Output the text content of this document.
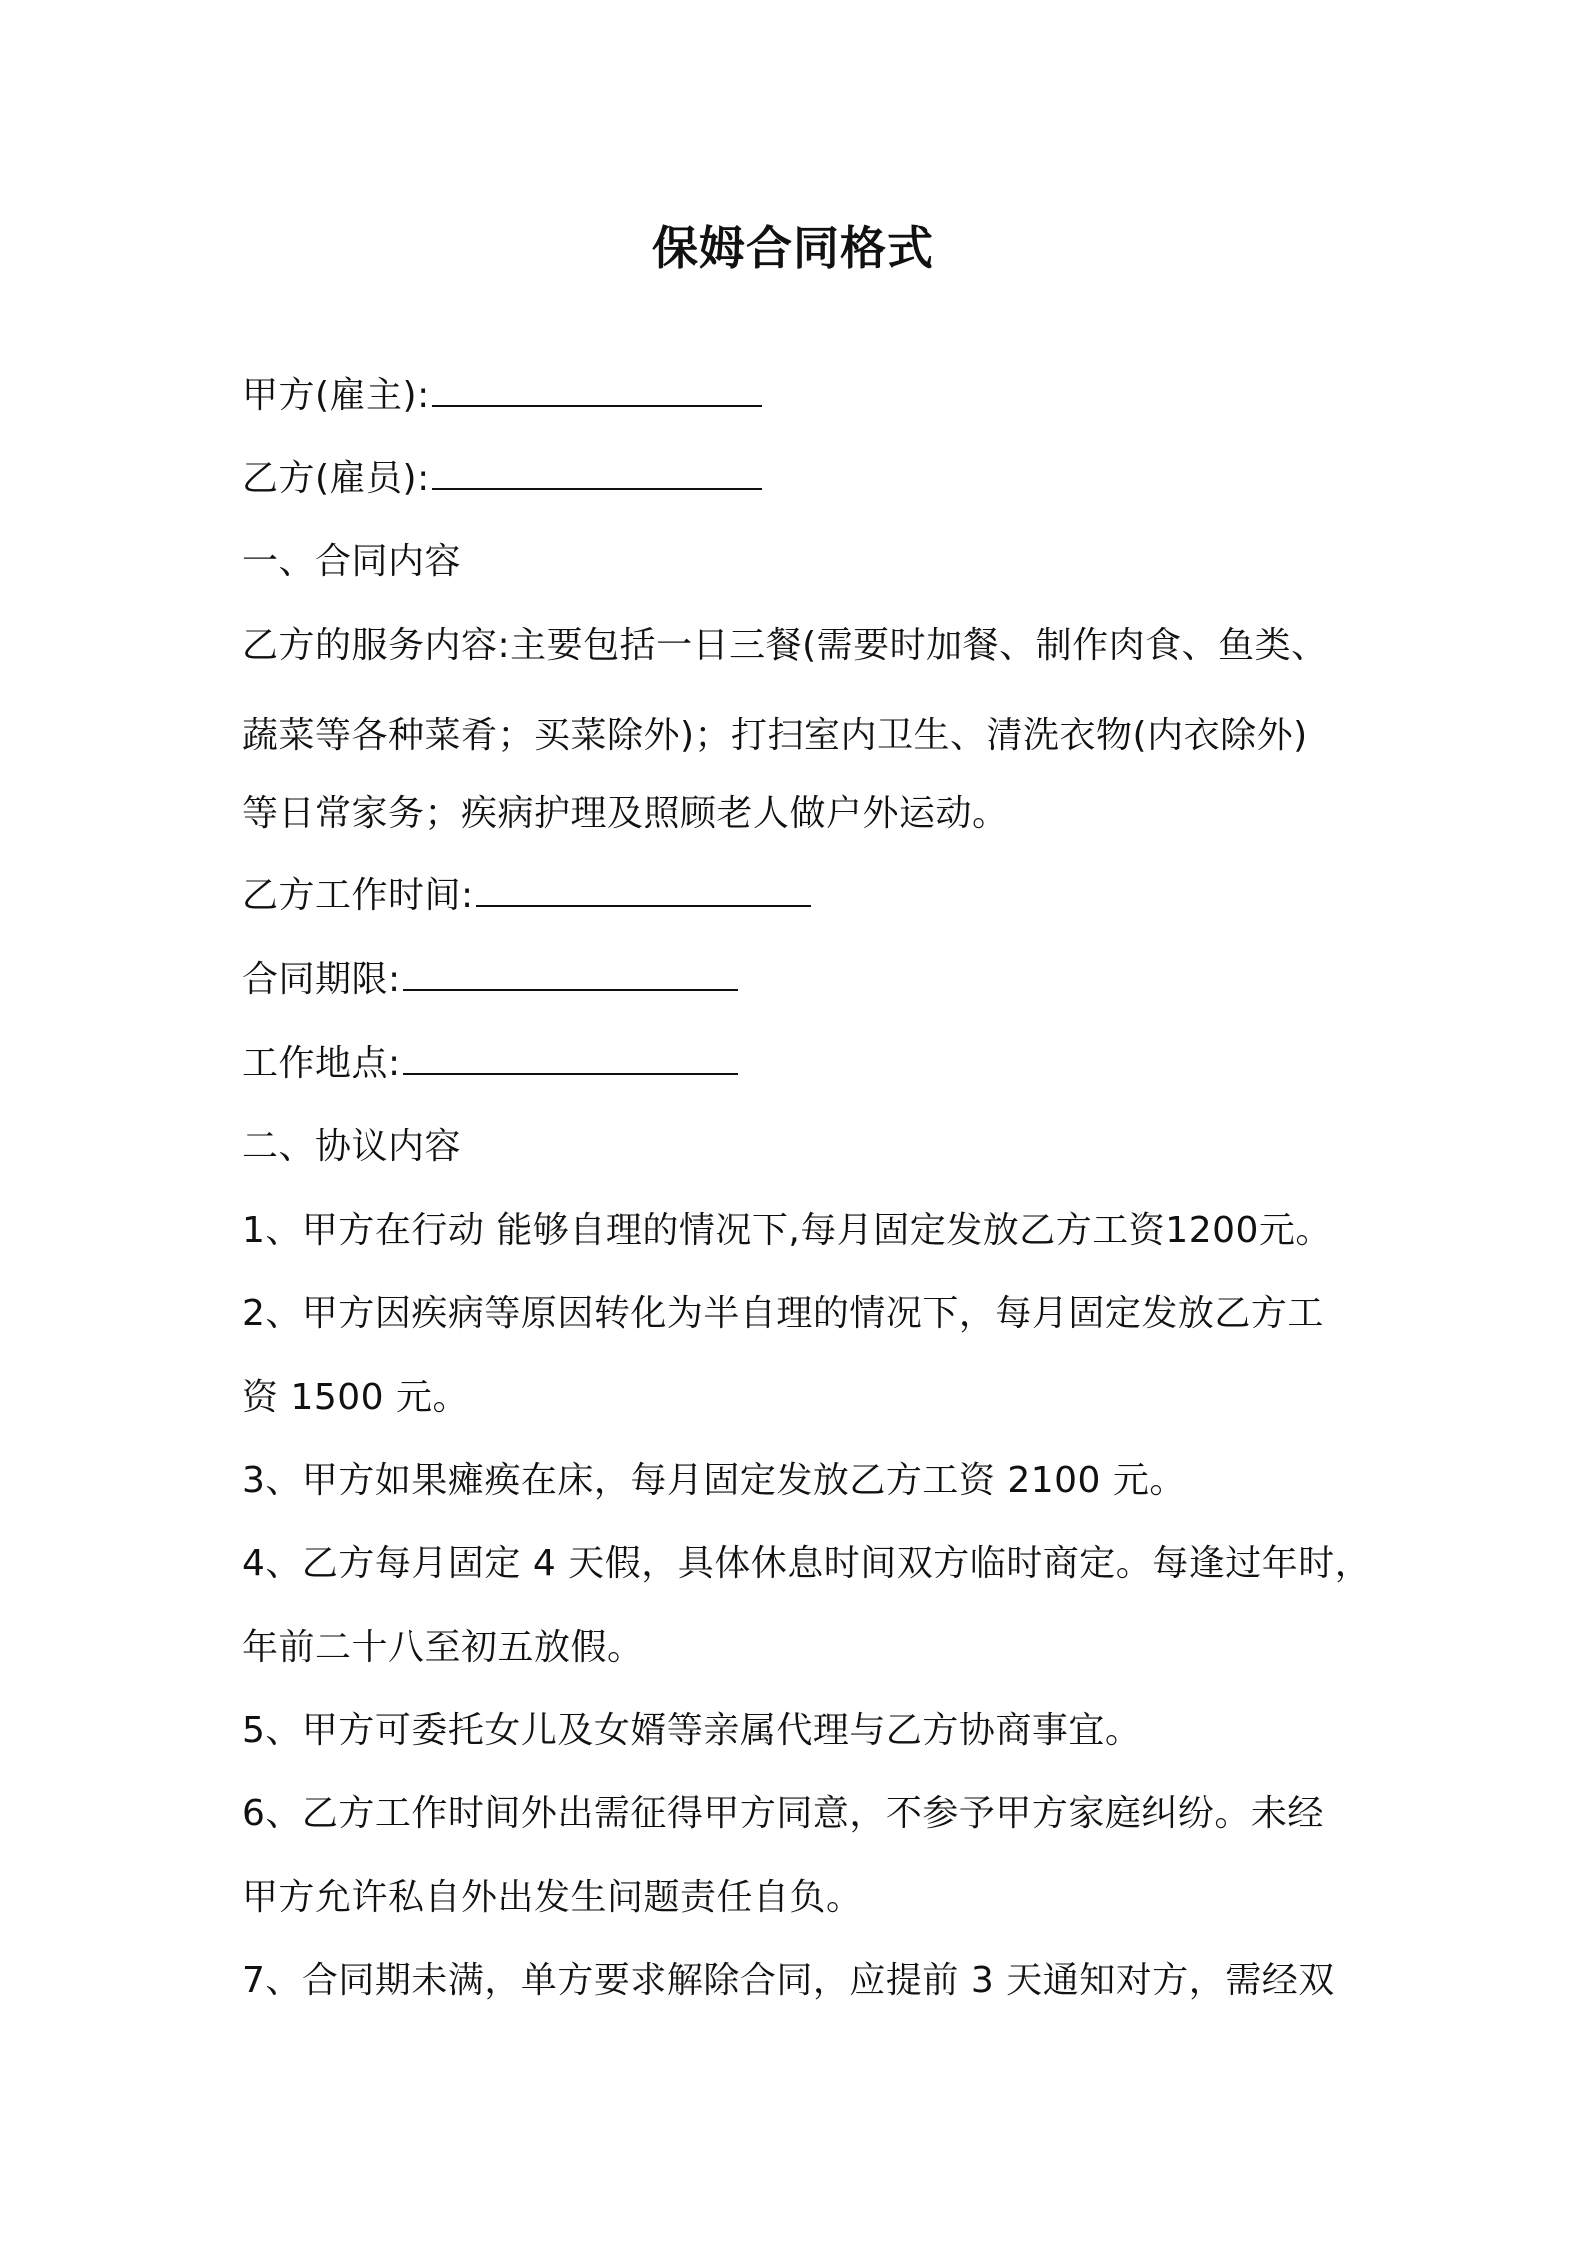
保姆合同格式
甲方(雇主):
乙方(雇员):
一、合同内容
乙方的服务内容:主要包括一日三餐(需要时加餐、制作肉食、鱼类、
蔬菜等各种菜肴；买菜除外)；打扫室内卫生、清洗衣物(内衣除外)
等日常家务；疾病护理及照顾老人做户外运动。
乙方工作时间:
合同期限:
工作地点:
二、协议内容
1、甲方在行动 能够自理的情况下,每月固定发放乙方工资1200元。
2、甲方因疾病等原因转化为半自理的情况下，每月固定发放乙方工
资 1500 元。
3、甲方如果瘫痪在床，每月固定发放乙方工资 2100 元。
4、乙方每月固定 4 天假，具体休息时间双方临时商定。每逢过年时，
年前二十八至初五放假。
5、甲方可委托女儿及女婿等亲属代理与乙方协商事宜。
6、乙方工作时间外出需征得甲方同意，不参予甲方家庭纠纷。未经
甲方允许私自外出发生问题责任自负。
7、合同期未满，单方要求解除合同，应提前 3 天通知对方，需经双
